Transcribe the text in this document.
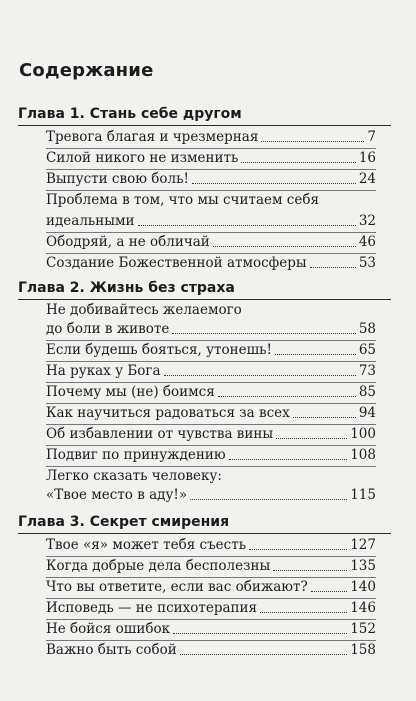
Содержание
Глава 1. Стань себе другом
Тревога благая и чрезмерная	7
Силой никого не изменить	16
Выпусти свою боль!	24
Проблема в том, что мы считаем себя
идеальными	32
Ободряй, а не обличай	46
Создание Божественной атмосферы	53
Глава 2. Жизнь без страха
Не добивайтесь желаемого
до боли в животе	58
Если будешь бояться, утонешь!	65
На руках у Бога	73
Почему мы (не) боимся	85
Как научиться радоваться за всех	94
Об избавлении от чувства вины	100
Подвиг по принуждению	108
Легко сказать человеку:
«Твое место в аду!»	115
Глава 3. Секрет смирения
Твое «я» может тебя съесть	127
Когда добрые дела бесполезны	135
Что вы ответите, если вас обижают?	140
Исповедь — не психотерапия	146
Не бойся ошибок	152
Важно быть собой	158
